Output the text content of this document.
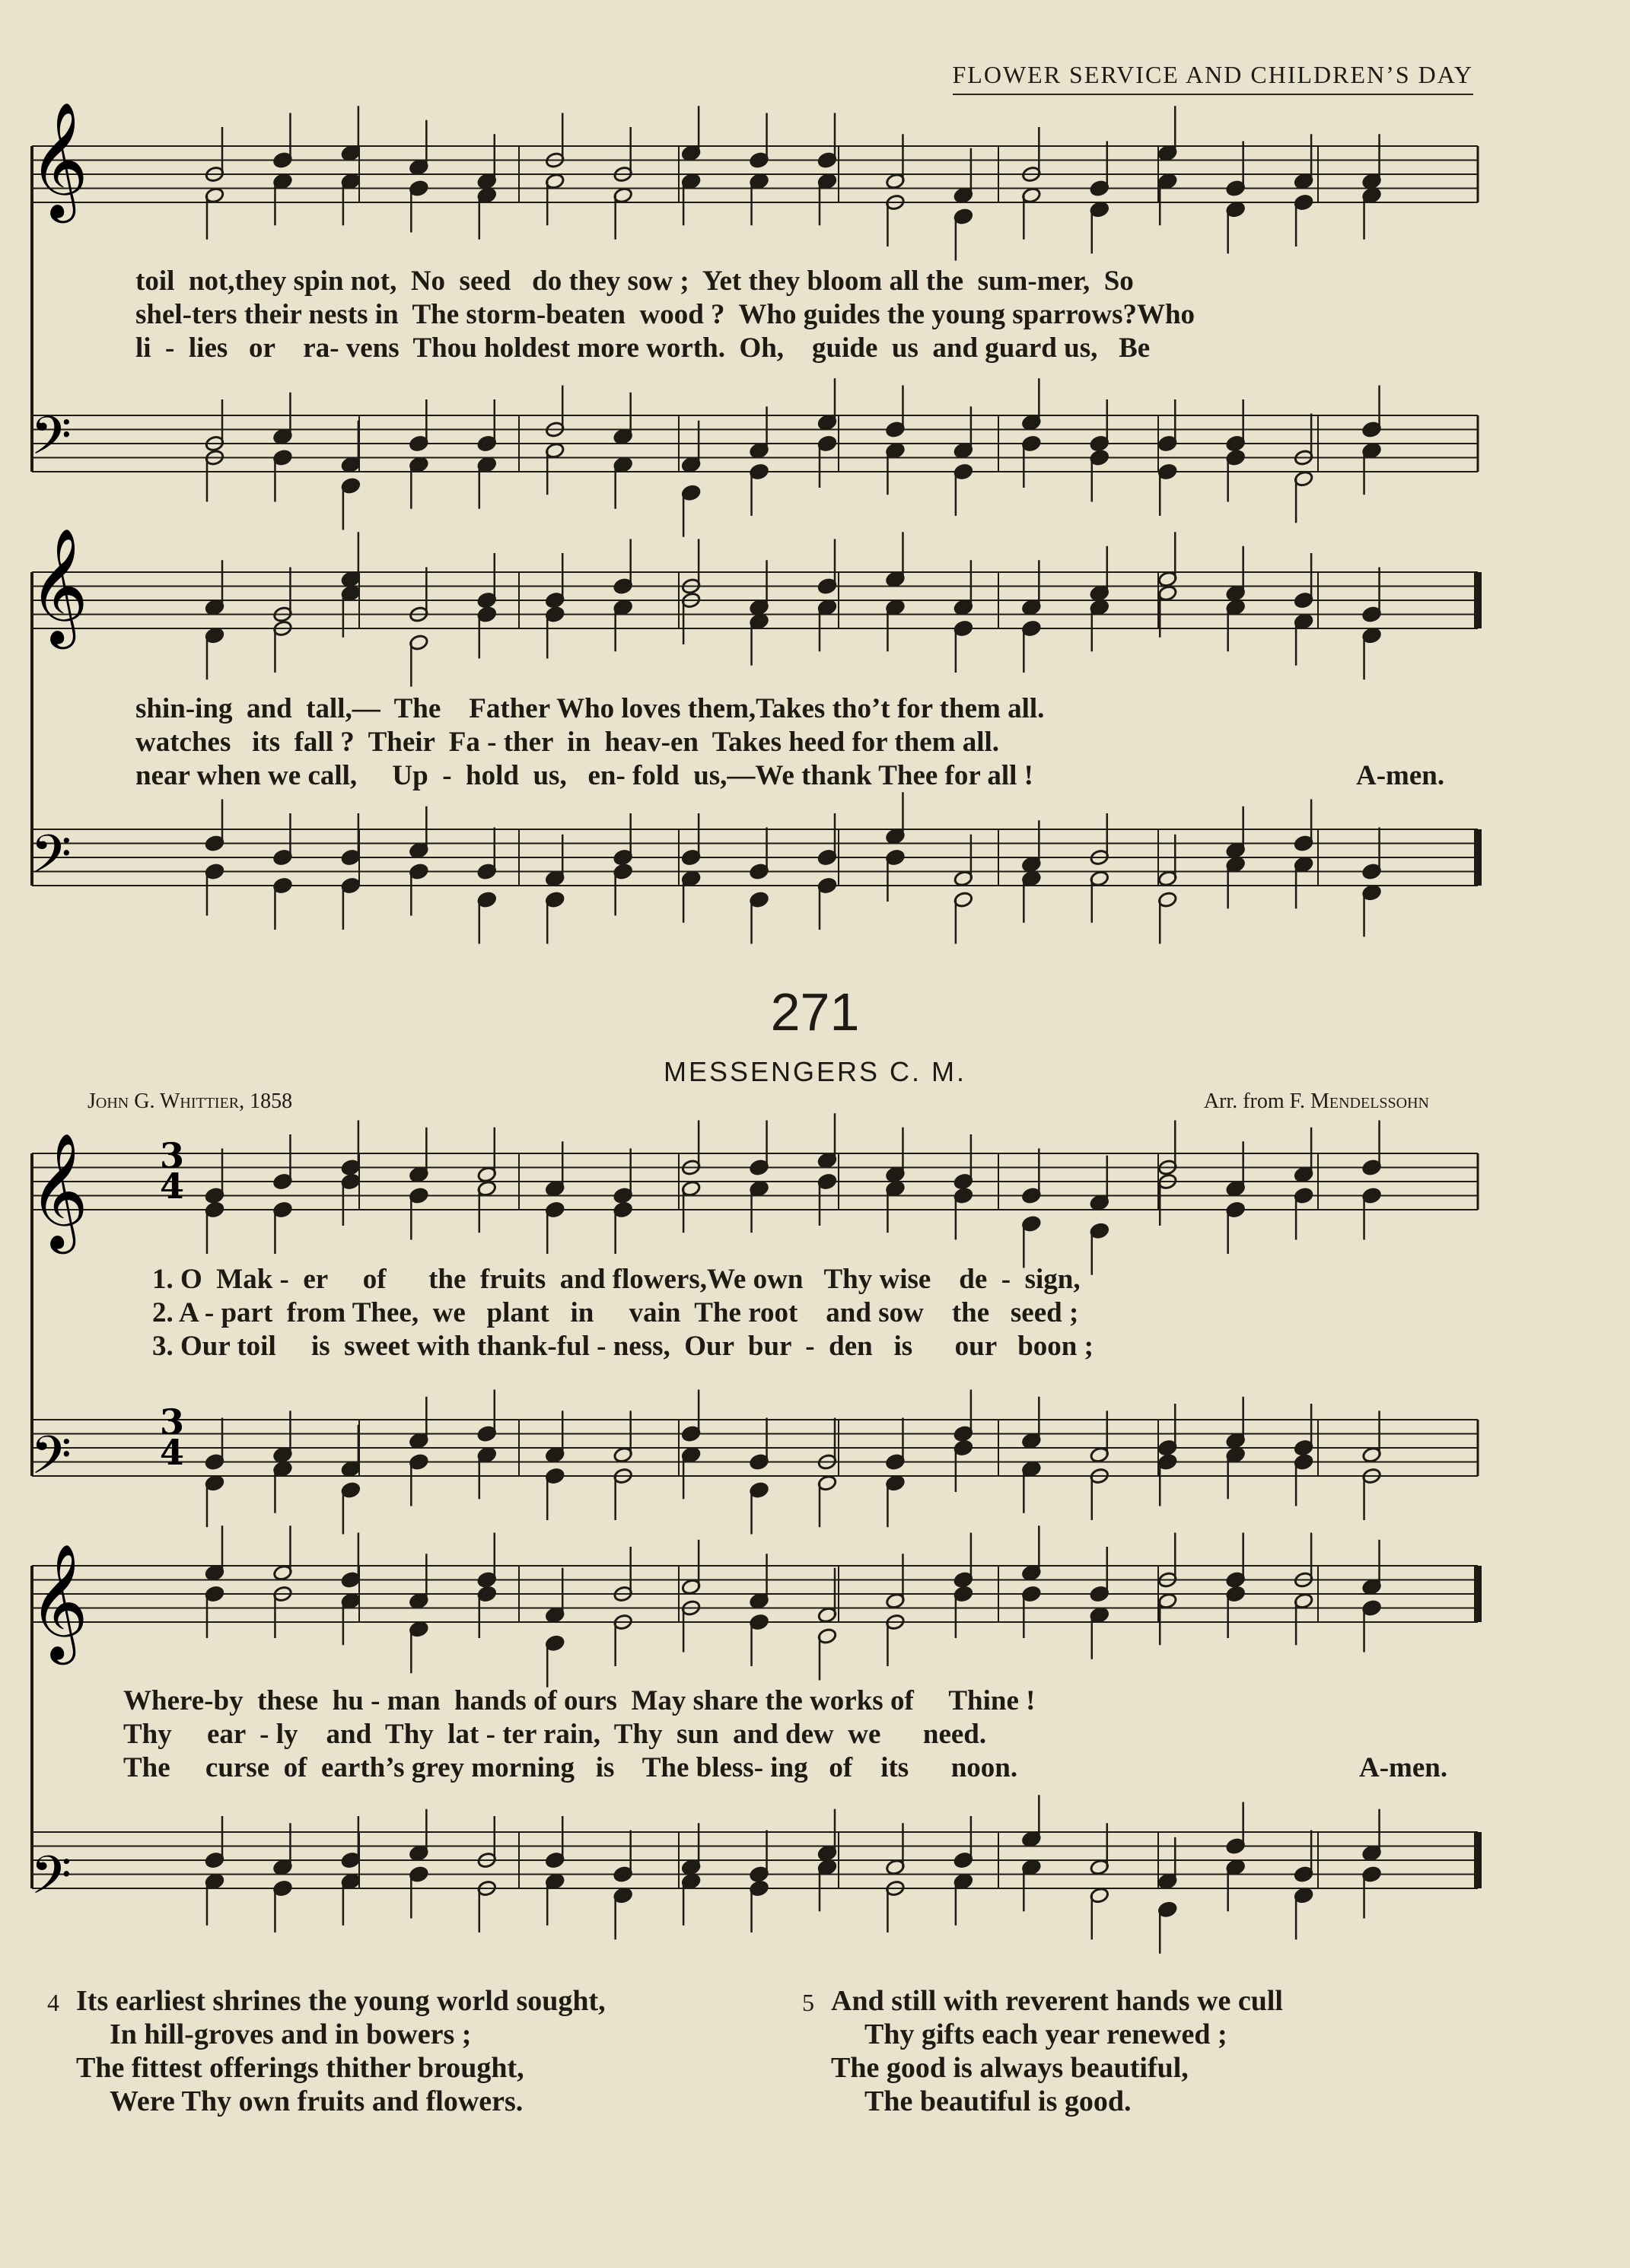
FLOWER SERVICE AND CHILDREN’S DAY
𝄞
𝄢
𝄞
𝄢
𝄞
𝄢
𝄞
𝄢
3
4
3
4
toil  not,they spin not,  No  seed   do they sow ;  Yet they bloom all the  sum-mer,  So
shel-ters their nests in  The storm-beaten  wood ?  Who guides the young sparrows?Who
li  -  lies   or    ra- vens  Thou holdest more worth.  Oh,    guide  us  and guard us,   Be
shin-ing  and  tall,—  The    Father Who loves them,Takes tho’t for them all.
watches   its  fall ?  Their  Fa - ther  in  heav-en  Takes heed for them all.
near when we call,     Up  -  hold  us,   en- fold  us,—We thank Thee for all !	A-men.
271
MESSENGERS C. M.
John G. Whittier, 1858	Arr. from F. Mendelssohn
1. O  Mak -  er     of      the  fruits  and flowers,We own   Thy wise    de  -  sign,
2. A - part  from Thee,  we   plant   in     vain  The root    and sow    the   seed ;
3. Our toil     is  sweet with thank-ful - ness,  Our  bur  -  den   is      our   boon ;
Where-by  these  hu - man  hands of ours  May share the works of     Thine !
Thy     ear  - ly    and  Thy  lat - ter rain,  Thy  sun  and dew  we      need.
The     curse  of  earth’s grey morning   is    The bless- ing   of    its      noon.	A-men.
4 Its earliest shrines the young world sought,
In hill-groves and in bowers ;
The fittest offerings thither brought,
Were Thy own fruits and flowers.
5 And still with reverent hands we cull
Thy gifts each year renewed ;
The good is always beautiful,
The beautiful is good.
